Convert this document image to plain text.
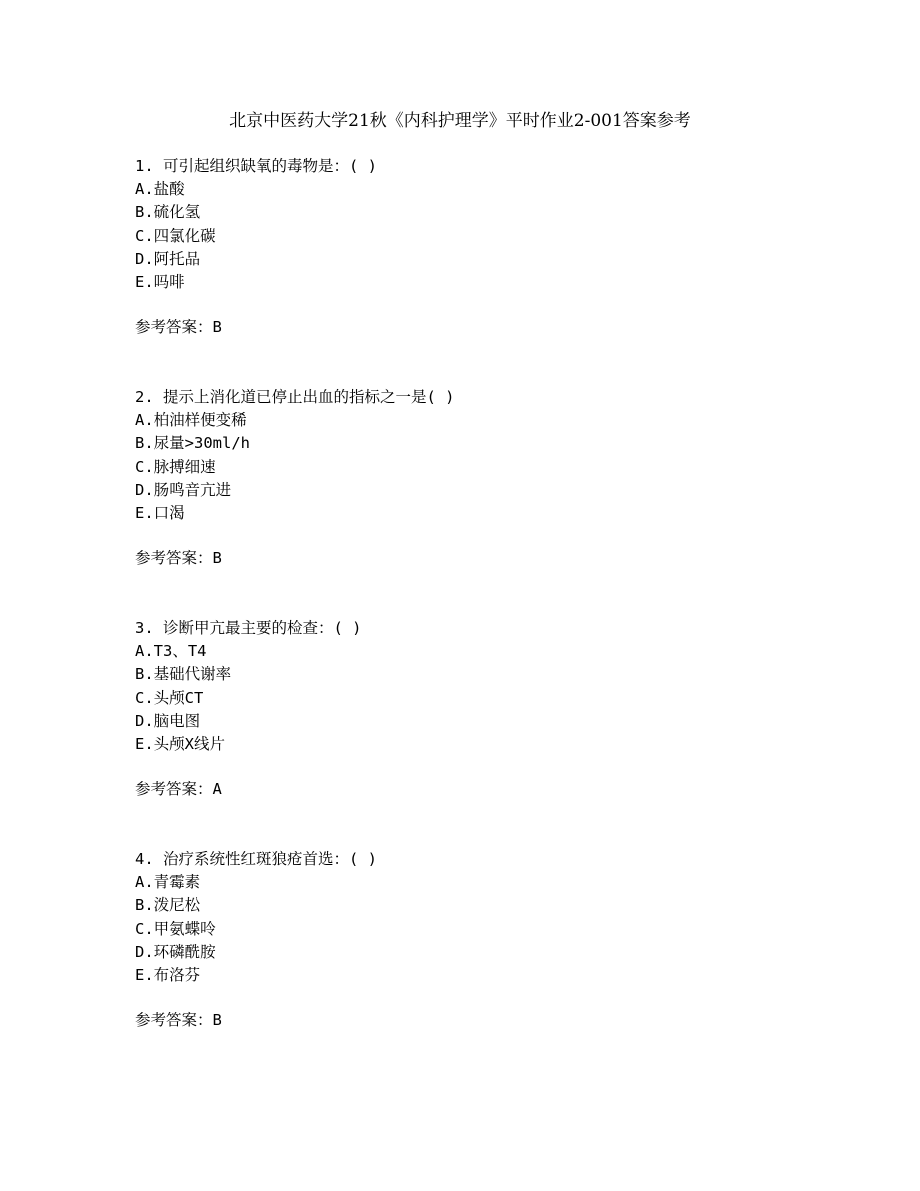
北京中医药大学21秋《内科护理学》平时作业2-001答案参考
1. 可引起组织缺氧的毒物是：( )
A.盐酸
B.硫化氢
C.四氯化碳
D.阿托品
E.吗啡
参考答案：B
2. 提示上消化道已停止出血的指标之一是( )
A.柏油样便变稀
B.尿量>30ml/h
C.脉搏细速
D.肠鸣音亢进
E.口渴
参考答案：B
3. 诊断甲亢最主要的检查：( )
A.T3、T4
B.基础代谢率
C.头颅CT
D.脑电图
E.头颅X线片
参考答案：A
4. 治疗系统性红斑狼疮首选：( )
A.青霉素
B.泼尼松
C.甲氨蝶呤
D.环磷酰胺
E.布洛芬
参考答案：B
